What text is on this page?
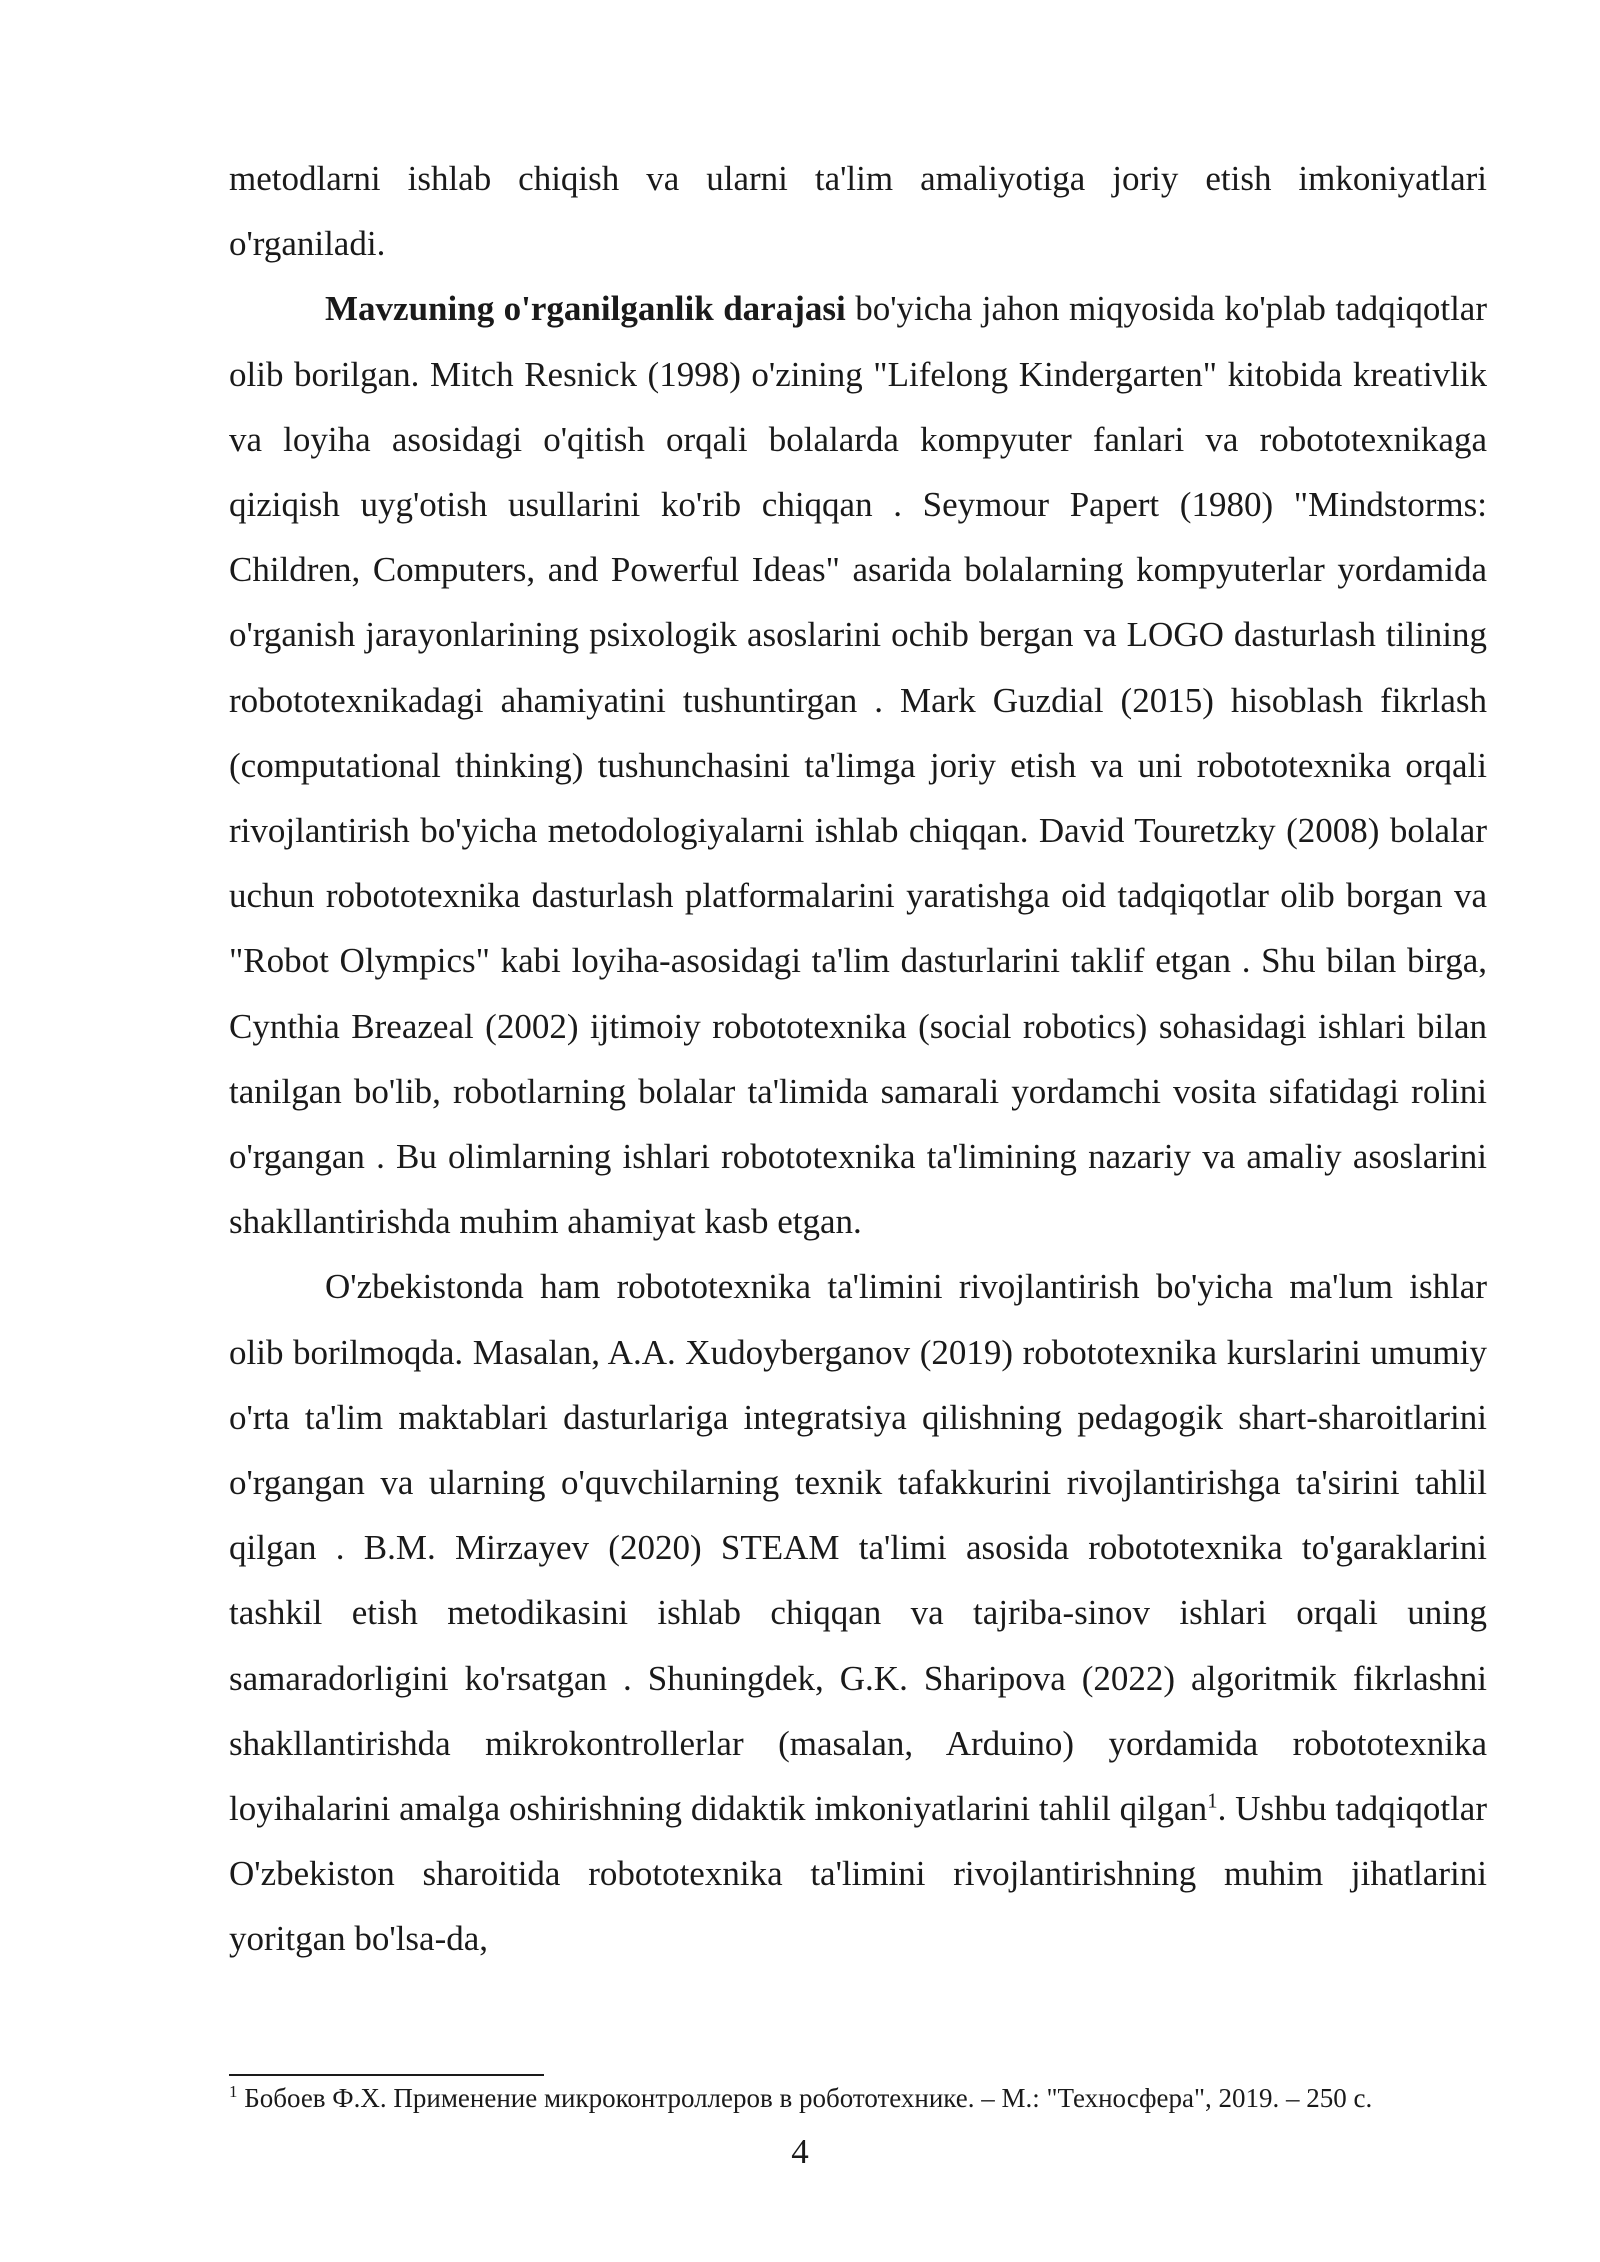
metodlarni ishlab chiqish va ularni ta'lim amaliyotiga joriy etish imkoniyatlari o'rganiladi.

Mavzuning o'rganilganlik darajasi bo'yicha jahon miqyosida ko'plab tadqiqotlar olib borilgan. Mitch Resnick (1998) o'zining "Lifelong Kindergarten" kitobida kreativlik va loyiha asosidagi o'qitish orqali bolalarda kompyuter fanlari va robototexnikaga qiziqish uyg'otish usullarini ko'rib chiqqan . Seymour Papert (1980) "Mindstorms: Children, Computers, and Powerful Ideas" asarida bolalarning kompyuterlar yordamida o'rganish jarayonlarining psixologik asoslarini ochib bergan va LOGO dasturlash tilining robototexnikadagi ahamiyatini tushuntirgan . Mark Guzdial (2015) hisoblash fikrlash (computational thinking) tushunchasini ta'limga joriy etish va uni robototexnika orqali rivojlantirish bo'yicha metodologiyalarni ishlab chiqqan. David Touretzky (2008) bolalar uchun robototexnika dasturlash platformalarini yaratishga oid tadqiqotlar olib borgan va "Robot Olympics" kabi loyiha-asosidagi ta'lim dasturlarini taklif etgan . Shu bilan birga, Cynthia Breazeal (2002) ijtimoiy robototexnika (social robotics) sohasidagi ishlari bilan tanilgan bo'lib, robotlarning bolalar ta'limida samarali yordamchi vosita sifatidagi rolini o'rgangan . Bu olimlarning ishlari robototexnika ta'limining nazariy va amaliy asoslarini shakllantirishda muhim ahamiyat kasb etgan.

O'zbekistonda ham robototexnika ta'limini rivojlantirish bo'yicha ma'lum ishlar olib borilmoqda. Masalan, A.A. Xudoyberganov (2019) robototexnika kurslarini umumiy o'rta ta'lim maktablari dasturlariga integratsiya qilishning pedagogik shart-sharoitlarini o'rgangan va ularning o'quvchilarning texnik tafakkurini rivojlantirishga ta'sirini tahlil qilgan . B.M. Mirzayev (2020) STEAM ta'limi asosida robototexnika to'garaklarini tashkil etish metodikasini ishlab chiqqan va tajriba-sinov ishlari orqali uning samaradorligini ko'rsatgan . Shuningdek, G.K. Sharipova (2022) algoritmik fikrlashni shakllantirishda mikrokontrollerlar (masalan, Arduino) yordamida robototexnika loyihalarini amalga oshirishning didaktik imkoniyatlarini tahlil qilgan$^1$. Ushbu tadqiqotlar O'zbekiston sharoitida robototexnika ta'limini rivojlantirishning muhim jihatlarini yoritgan bo'lsa-da,

$^1$ Бобоев Ф.Х. Применение микроконтроллеров в робототехнике. – М.: "Техносфера", 2019. – 250 с.

4
